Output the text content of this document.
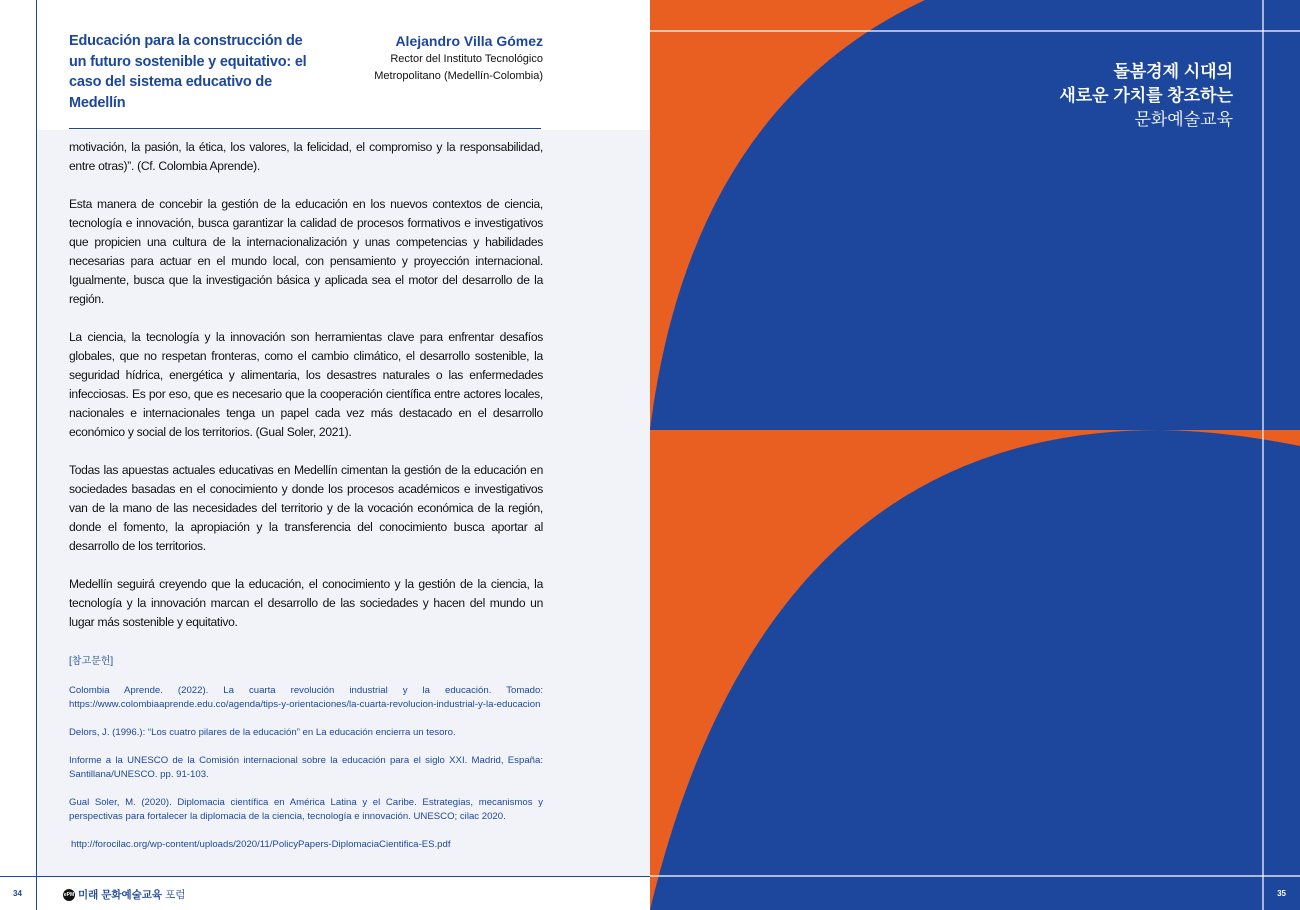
Educación para la construcción de un futuro sostenible y equitativo: el caso del sistema educativo de Medellín
Alejandro Villa Gómez
Rector del Instituto Tecnológico
Metropolitano (Medellín-Colombia)

motivación, la pasión, la ética, los valores, la felicidad, el compromiso y la responsabilidad, entre otras)”. (Cf. Colombia Aprende).

Esta manera de concebir la gestión de la educación en los nuevos contextos de ciencia, tecnología e innovación, busca garantizar la calidad de procesos formativos e investigativos que propicien una cultura de la internacionalización y unas competencias y habilidades necesarias para actuar en el mundo local, con pensamiento y proyección internacional. Igualmente, busca que la investigación básica y aplicada sea el motor del desarrollo de la región.

La ciencia, la tecnología y la innovación son herramientas clave para enfrentar desafíos globales, que no respetan fronteras, como el cambio climático, el desarrollo sostenible, la seguridad hídrica, energética y alimentaria, los desastres naturales o las enfermedades infecciosas. Es por eso, que es necesario que la cooperación científica entre actores locales, nacionales e internacionales tenga un papel cada vez más destacado en el desarrollo económico y social de los territorios. (Gual Soler, 2021).

Todas las apuestas actuales educativas en Medellín cimentan la gestión de la educación en sociedades basadas en el conocimiento y donde los procesos académicos e investigativos van de la mano de las necesidades del territorio y de la vocación económica de la región, donde el fomento, la apropiación y la transferencia del conocimiento busca aportar al desarrollo de los territorios.

Medellín seguirá creyendo que la educación, el conocimiento y la gestión de la ciencia, la tecnología y la innovación marcan el desarrollo de las sociedades y hacen del mundo un lugar más sostenible y equitativo.

[참고문헌]

Colombia Aprende. (2022). La cuarta revolución industrial y la educación. Tomado: https://www.colombiaaprende.edu.co/agenda/tips-y-orientaciones/la-cuarta-revolucion-industrial-y-la-educacion

Delors, J. (1996.): “Los cuatro pilares de la educación” en La educación encierra un tesoro.

Informe a la UNESCO de la Comisión internacional sobre la educación para el siglo XXI. Madrid, España: Santillana/UNESCO. pp. 91-103.

Gual Soler, M. (2020). Diplomacia científica en América Latina y el Caribe. Estrategias, mecanismos y perspectivas para fortalecer la diplomacia de la ciencia, tecnología e innovación. UNESCO; cilac 2020.

http://forocilac.org/wp-content/uploads/2020/11/PolicyPapers-DiplomaciaCientifica-ES.pdf

34	ePM 미래 문화예술교육 포럼
돌봄경제 시대의
새로운 가치를 창조하는
문화예술교육
35
